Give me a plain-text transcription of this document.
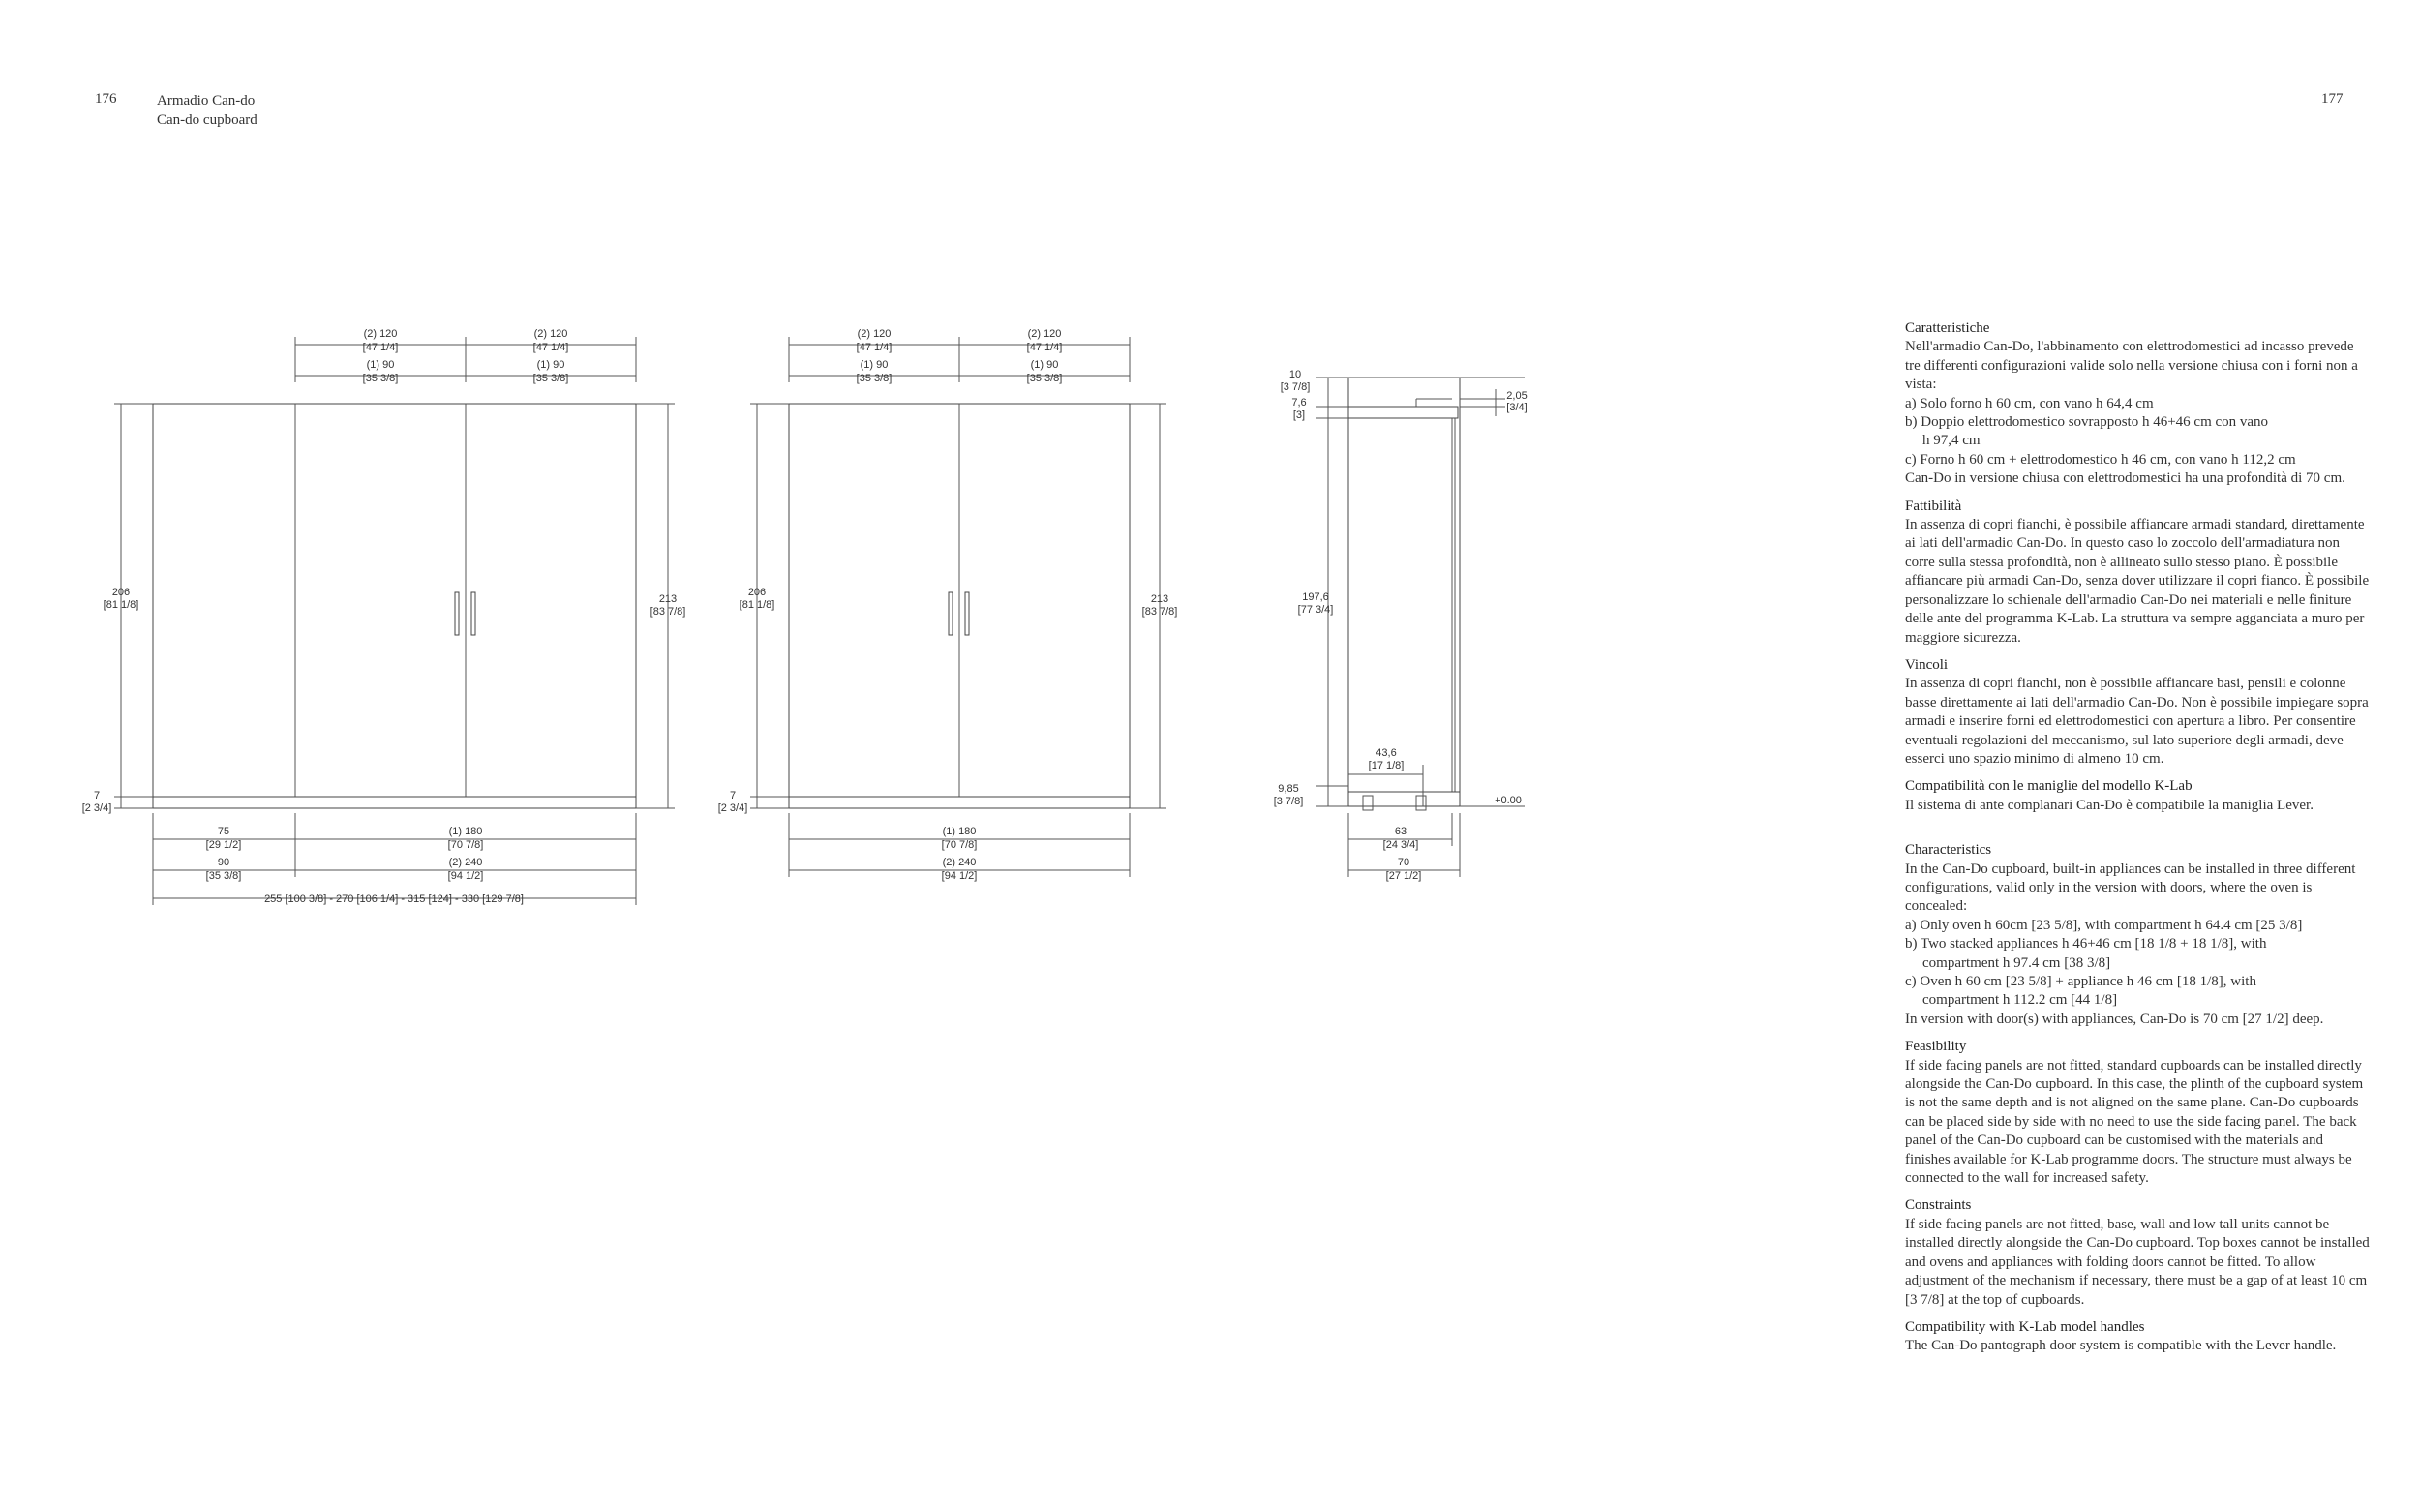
176	177
Armadio Can-do
Can-do cupboard
(2) 120
[47 1/4]
(2) 120
[47 1/4]
(1) 90
[35 3/8]
(1) 90
[35 3/8]
206
[81 1/8]	213
[83 7/8]
7
[2 3/4]
75
[29 1/2]
(1) 180
[70 7/8]
90
[35 3/8]
(2) 240
[94 1/2]
255 [100 3/8] - 270 [106 1/4] - 315 [124] - 330 [129 7/8]
(2) 120
[47 1/4]
(2) 120
[47 1/4]
(1) 90
[35 3/8]
(1) 90
[35 3/8]
206
[81 1/8]	213
[83 7/8]
7
[2 3/4]
(1) 180
[70 7/8]
(2) 240
[94 1/2]
10
[3 7/8]
7,6
[3]
2,05
[3/4]
197,6
[77 3/4]
43,6
[17 1/8]
9,85
[3 7/8]	+0.00
63
[24 3/4]
70
[27 1/2]
Caratteristiche

Nell'armadio Can-Do, l'abbinamento con elettrodomestici ad incasso prevede tre differenti configurazioni valide solo nella versione chiusa con i forni non a vista:

a) Solo forno h 60 cm, con vano h 64,4 cm

b) Doppio elettrodomestico sovrapposto h 46+46 cm con vano

h 97,4 cm

c) Forno h 60 cm + elettrodomestico h 46 cm, con vano h 112,2 cm

Can-Do in versione chiusa con elettrodomestici ha una profondità di 70 cm.

Fattibilità

In assenza di copri fianchi, è possibile affiancare armadi standard, direttamente ai lati dell'armadio Can-Do. In questo caso lo zoccolo dell'armadiatura non corre sulla stessa profondità, non è allineato sullo stesso piano. È possibile affiancare più armadi Can-Do, senza dover utilizzare il copri fianco. È possibile personalizzare lo schienale dell'armadio Can-Do nei materiali e nelle finiture delle ante del programma K-Lab. La struttura va sempre agganciata a muro per maggiore sicurezza.

Vincoli

In assenza di copri fianchi, non è possibile affiancare basi, pensili e colonne basse direttamente ai lati dell'armadio Can-Do. Non è possibile impiegare sopra armadi e inserire forni ed elettrodomestici con apertura a libro. Per consentire eventuali regolazioni del meccanismo, sul lato superiore degli armadi, deve esserci uno spazio minimo di almeno 10 cm.

Compatibilità con le maniglie del modello K-Lab

Il sistema di ante complanari Can-Do è compatibile la maniglia Lever.

Characteristics

In the Can-Do cupboard, built-in appliances can be installed in three different configurations, valid only in the version with doors, where the oven is concealed:

a) Only oven h 60cm [23 5/8], with compartment h 64.4 cm [25 3/8]

b) Two stacked appliances h 46+46 cm [18 1/8 + 18 1/8], with

compartment h 97.4 cm [38 3/8]

c) Oven h 60 cm [23 5/8] + appliance h 46 cm [18 1/8], with

compartment h 112.2 cm [44 1/8]

In version with door(s) with appliances, Can-Do is 70 cm [27 1/2] deep.

Feasibility

If side facing panels are not fitted, standard cupboards can be installed directly alongside the Can-Do cupboard. In this case, the plinth of the cupboard system is not the same depth and is not aligned on the same plane. Can-Do cupboards can be placed side by side with no need to use the side facing panel. The back panel of the Can-Do cupboard can be customised with the materials and finishes available for K-Lab programme doors. The structure must always be connected to the wall for increased safety.

Constraints

If side facing panels are not fitted, base, wall and low tall units cannot be installed directly alongside the Can-Do cupboard. Top boxes cannot be installed and ovens and appliances with folding doors cannot be fitted. To allow adjustment of the mechanism if necessary, there must be a gap of at least 10 cm [3 7/8] at the top of cupboards.

Compatibility with K-Lab model handles

The Can-Do pantograph door system is compatible with the Lever handle.
